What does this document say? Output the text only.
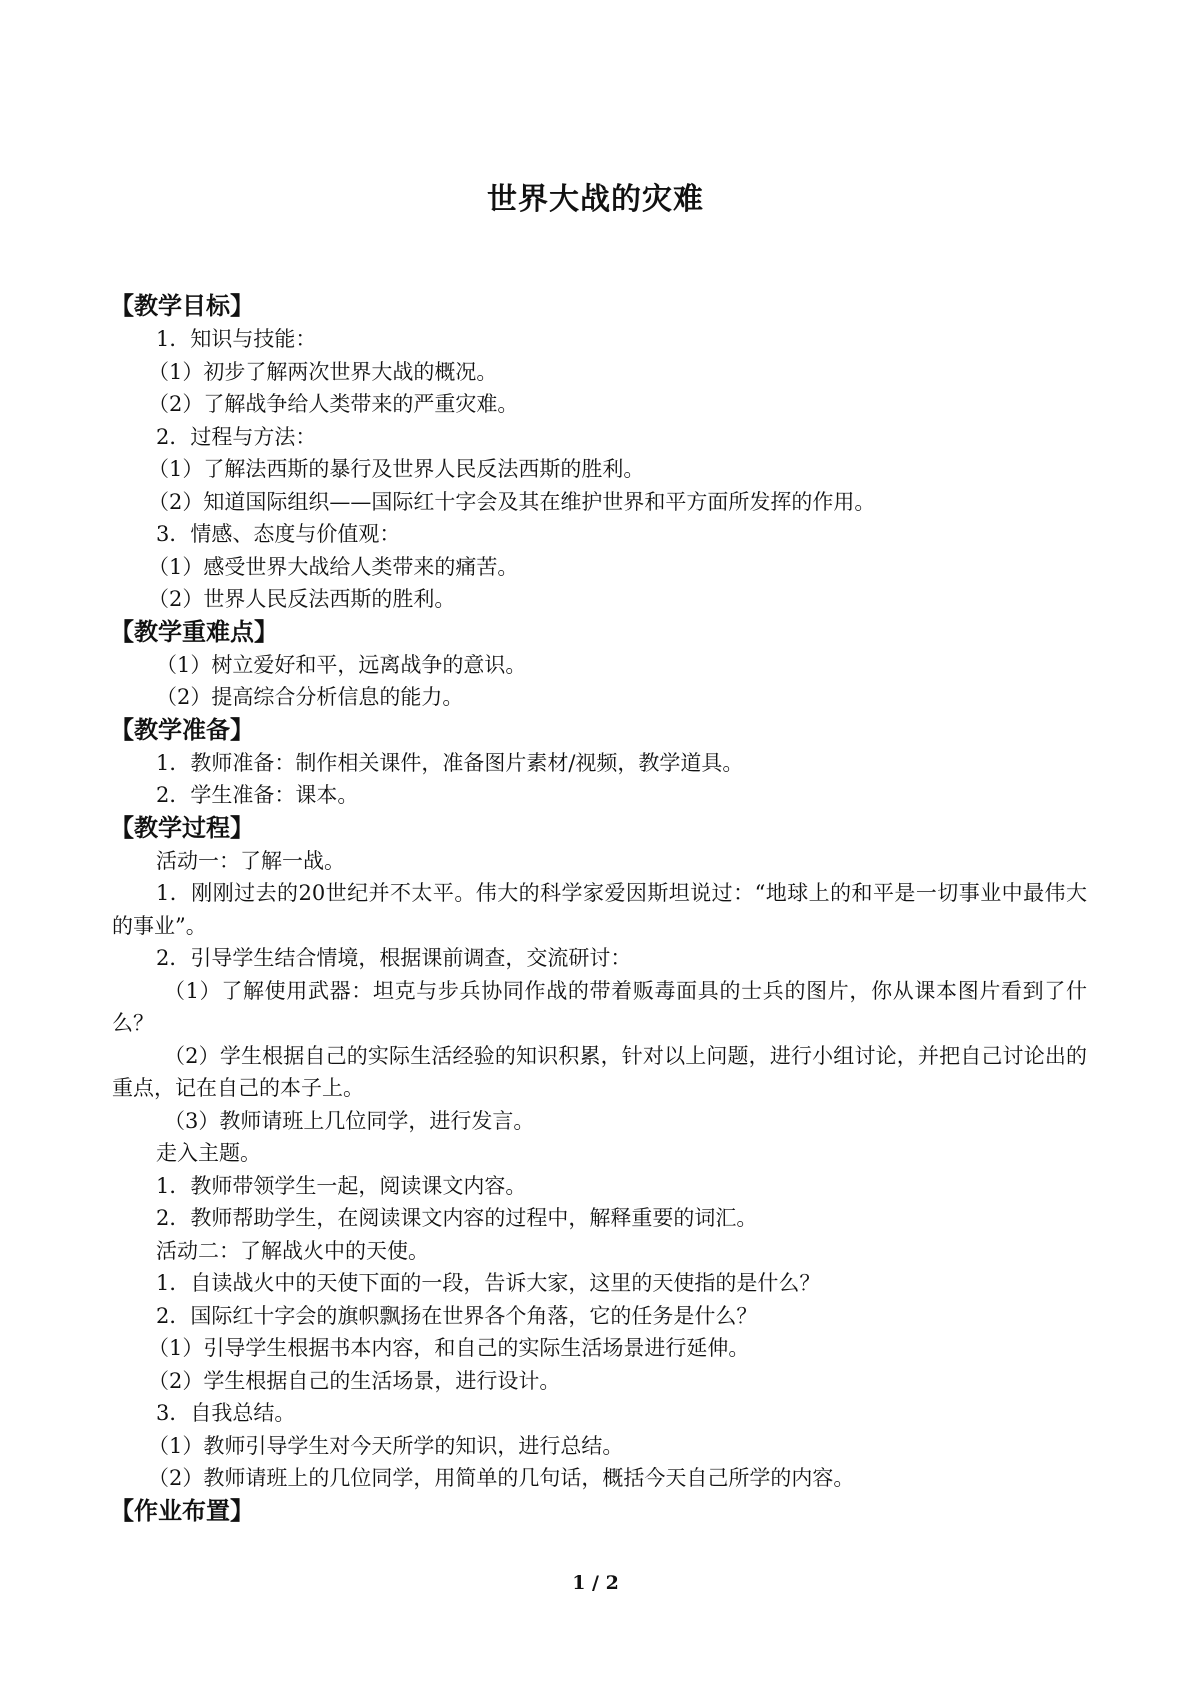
世界大战的灾难
【教学目标】
1．知识与技能：
（1）初步了解两次世界大战的概况。
（2）了解战争给人类带来的严重灾难。
2．过程与方法：
（1）了解法西斯的暴行及世界人民反法西斯的胜利。
（2）知道国际组织——国际红十字会及其在维护世界和平方面所发挥的作用。
3．情感、态度与价值观：
（1）感受世界大战给人类带来的痛苦。
（2）世界人民反法西斯的胜利。
【教学重难点】
（1）树立爱好和平，远离战争的意识。
（2）提高综合分析信息的能力。
【教学准备】
1．教师准备：制作相关课件，准备图片素材/视频，教学道具。
2．学生准备：课本。
【教学过程】
活动一：了解一战。
1．刚刚过去的20世纪并不太平。伟大的科学家爱因斯坦说过：“地球上的和平是一切事业中最伟大的事业”。
2．引导学生结合情境，根据课前调查，交流研讨：
（1）了解使用武器：坦克与步兵协同作战的带着贩毒面具的士兵的图片，你从课本图片看到了什么？
（2）学生根据自己的实际生活经验的知识积累，针对以上问题，进行小组讨论，并把自己讨论出的重点，记在自己的本子上。
（3）教师请班上几位同学，进行发言。
走入主题。
1．教师带领学生一起，阅读课文内容。
2．教师帮助学生，在阅读课文内容的过程中，解释重要的词汇。
活动二：了解战火中的天使。
1．自读战火中的天使下面的一段，告诉大家，这里的天使指的是什么？
2．国际红十字会的旗帜飘扬在世界各个角落，它的任务是什么？
（1）引导学生根据书本内容，和自己的实际生活场景进行延伸。
（2）学生根据自己的生活场景，进行设计。
3．自我总结。
（1）教师引导学生对今天所学的知识，进行总结。
（2）教师请班上的几位同学，用简单的几句话，概括今天自己所学的内容。
【作业布置】
1 / 2
